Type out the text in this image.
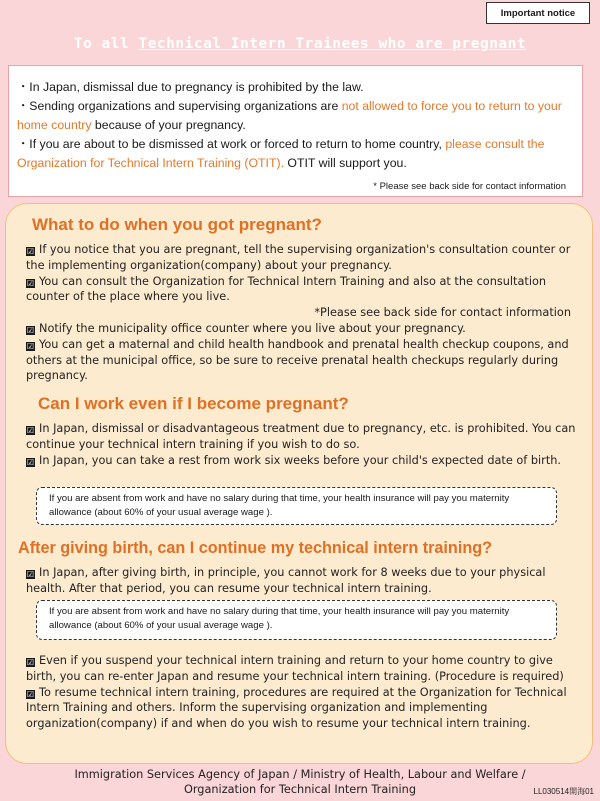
Important notice
To all Technical Intern Trainees who are pregnant

・In Japan, dismissal due to pregnancy is prohibited by the law.

・Sending organizations and supervising organizations are not allowed to force you to return to your home country because of your pregnancy.

・If you are about to be dismissed at work or forced to return to home country, please consult the Organization for Technical Intern Training (OTIT). OTIT will support you.

* Please see back side for contact information

What to do when you got pregnant?

☑ If you notice that you are pregnant, tell the supervising organization's consultation counter or the implementing organization(company) about your pregnancy.

☑ You can consult the Organization for Technical Intern Training and also at the consultation counter of the place where you live.

*Please see back side for contact information

☑ Notify the municipality office counter where you live about your pregnancy.

☑ You can get a maternal and child health handbook and prenatal health checkup coupons, and others at the municipal office, so be sure to receive prenatal health checkups regularly during pregnancy.

Can I work even if I become pregnant?

☑ In Japan, dismissal or disadvantageous treatment due to pregnancy, etc. is prohibited. You can continue your technical intern training if you wish to do so.

☑ In Japan, you can take a rest from work six weeks before your child's expected date of birth.

If you are absent from work and have no salary during that time, your health insurance will pay you maternity allowance (about 60% of your usual average wage ).
After giving birth, can I continue my technical intern training?

☑ In Japan, after giving birth, in principle, you cannot work for 8 weeks due to your physical health. After that period, you can resume your technical intern training.

If you are absent from work and have no salary during that time, your health insurance will pay you maternity allowance (about 60% of your usual average wage ).

☑ Even if you suspend your technical intern training and return to your home country to give birth, you can re-enter Japan and resume your technical intern training. (Procedure is required)

☑ To resume technical intern training, procedures are required at the Organization for Technical Intern Training and others. Inform the supervising organization and implementing organization(company) if and when do you wish to resume your technical intern training.

Immigration Services Agency of Japan / Ministry of Health, Labour and Welfare /
Organization for Technical Intern Training	LL030514開海01
